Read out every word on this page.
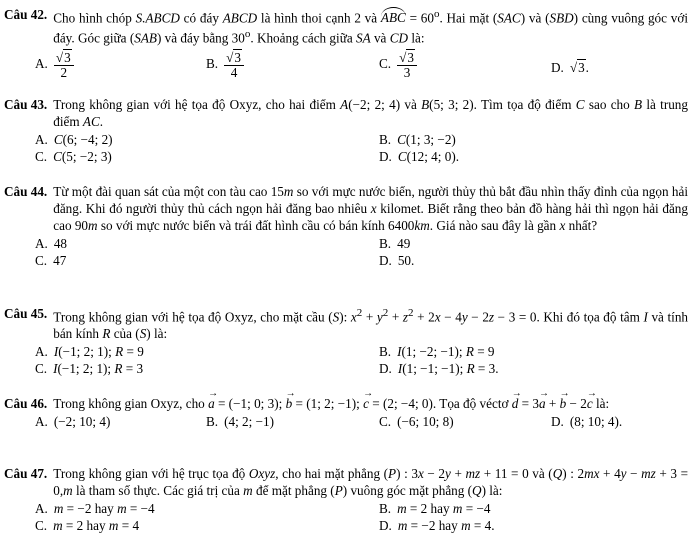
Câu 42. Cho hình chóp S.ABCD có đáy ABCD là hình thoi cạnh 2 và ABC = $60^o$. Hai mặt (SAC) và (SBD) cùng vuông góc với đáy. Góc giữa (SAB) và đáy bằng 30$^o$. Khoảng cách giữa SA và CD là:
A. $\frac{√3}{2}$	B. $\frac{√3}{4}$	C. $\frac{√3}{3}$	D. √3.
Câu 43. Trong không gian với hệ tọa độ Oxyz, cho hai điểm A(−2; 2; 4) và B(5; 3; 2). Tìm tọa độ điểm C sao cho B là trung điểm AC.
A. C(6; −4; 2)	B. C(1; 3; −2)
C. C(5; −2; 3)	D. C(12; 4; 0).
Câu 44. Từ một đài quan sát của một con tàu cao 15m so với mực nước biển, người thủy thủ bắt đầu nhìn thấy đỉnh của ngọn hải đăng. Khi đó người thủy thủ cách ngọn hải đăng bao nhiêu x kilomet. Biết rằng theo bản đồ hàng hải thì ngọn hải đăng cao 90m so với mực nước biển và trái đất hình cầu có bán kính 6400km. Giá nào sau đây là gần x nhất?
A. 48	B. 49
C. 47	D. 50.
Câu 45. Trong không gian với hệ tọa độ Oxyz, cho mặt cầu (S): $x^2 + y^2 + z^2 + 2x - 4y - 2z - 3 = 0$. Khi đó tọa độ tâm I và tính bán kính R của (S) là:
A. I(−1; 2; 1); R = 9	B. I(1; −2; −1); R = 9
C. I(−1; 2; 1); R = 3	D. I(1; −1; −1); R = 3.
Câu 46. Trong không gian Oxyz, cho → a = (−1; 0; 3); → b = (1; 2; −1); → c = (2; −4; 0). Tọa độ véctơ → d = 3→ a + → b − 2→ c là:
A. (−2; 10; 4)	B. (4; 2; −1)	C. (−6; 10; 8)	D. (8; 10; 4).
Câu 47. Trong không gian với hệ trục tọa độ Oxyz, cho hai mặt phẳng (P) : 3x − 2y + mz + 11 = 0 và (Q) : 2mx + 4y − mz + 3 = 0,m là tham số thực. Các giá trị của m để mặt phẳng (P) vuông góc mặt phẳng (Q) là:
A. m = −2 hay m = −4	B. m = 2 hay m = −4
C. m = 2 hay m = 4	D. m = −2 hay m = 4.
